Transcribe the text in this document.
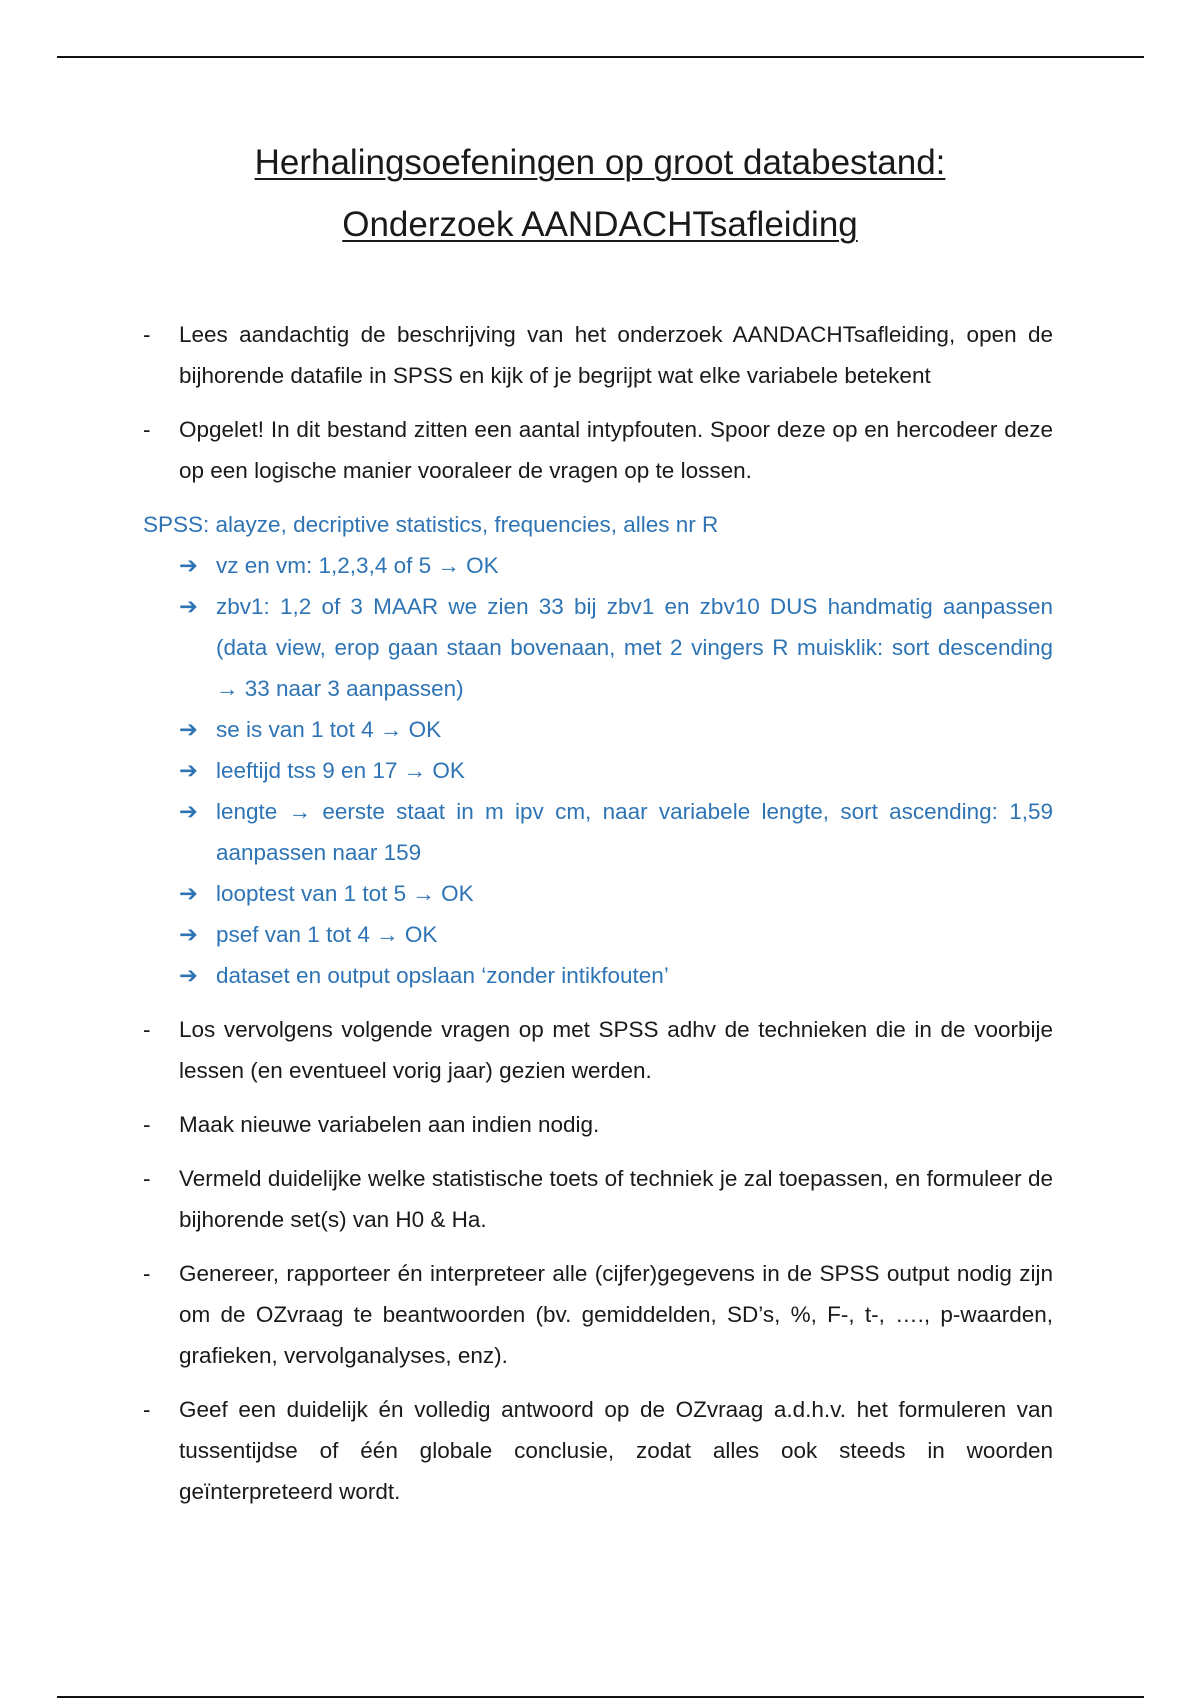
Herhalingsoefeningen op groot databestand:
Onderzoek AANDACHTsafleiding
- Lees aandachtig de beschrijving van het onderzoek AANDACHTsafleiding, open de bijhorende datafile in SPSS en kijk of je begrijpt wat elke variabele betekent
- Opgelet! In dit bestand zitten een aantal intypfouten. Spoor deze op en hercodeer deze op een logische manier vooraleer de vragen op te lossen.
SPSS: alayze, decriptive statistics, frequencies, alles nr R
➔ vz en vm: 1,2,3,4 of 5 → OK
➔ zbv1: 1,2 of 3 MAAR we zien 33 bij zbv1 en zbv10 DUS handmatig aanpassen (data view, erop gaan staan bovenaan, met 2 vingers R muisklik: sort descending → 33 naar 3 aanpassen)
➔ se is van 1 tot 4 → OK
➔ leeftijd tss 9 en 17 → OK
➔ lengte → eerste staat in m ipv cm, naar variabele lengte, sort ascending: 1,59 aanpassen naar 159
➔ looptest van 1 tot 5 → OK
➔ psef van 1 tot 4 → OK
➔ dataset en output opslaan ‘zonder intikfouten’
- Los vervolgens volgende vragen op met SPSS adhv de technieken die in de voorbije lessen (en eventueel vorig jaar) gezien werden.
- Maak nieuwe variabelen aan indien nodig.
- Vermeld duidelijke welke statistische toets of techniek je zal toepassen, en formuleer de bijhorende set(s) van H0 & Ha.
- Genereer, rapporteer én interpreteer alle (cijfer)gegevens in de SPSS output nodig zijn om de OZvraag te beantwoorden (bv. gemiddelden, SD’s, %, F-, t-, …., p-waarden, grafieken, vervolganalyses, enz).
- Geef een duidelijk én volledig antwoord op de OZvraag a.d.h.v. het formuleren van tussentijdse of één globale conclusie, zodat alles ook steeds in woorden geïnterpreteerd wordt.
